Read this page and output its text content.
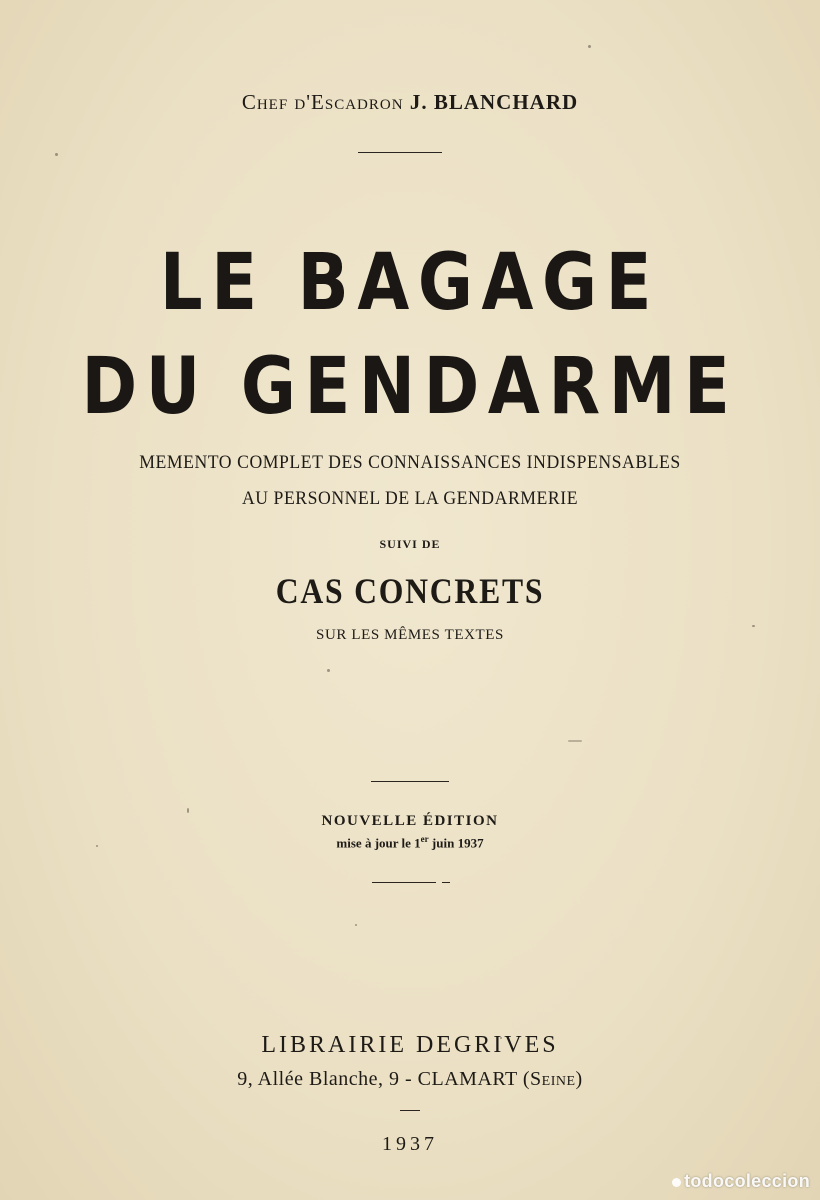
Chef d'Escadron J. BLANCHARD
LE BAGAGE
DU GENDARME
MEMENTO COMPLET DES CONNAISSANCES INDISPENSABLES
AU PERSONNEL DE LA GENDARMERIE
SUIVI DE
CAS CONCRETS
SUR LES MÊMES TEXTES
NOUVELLE ÉDITION
mise à jour le 1er juin 1937
LIBRAIRIE DEGRIVES
9, Allée Blanche, 9 - CLAMART (Seine)
1937
todocoleccion
